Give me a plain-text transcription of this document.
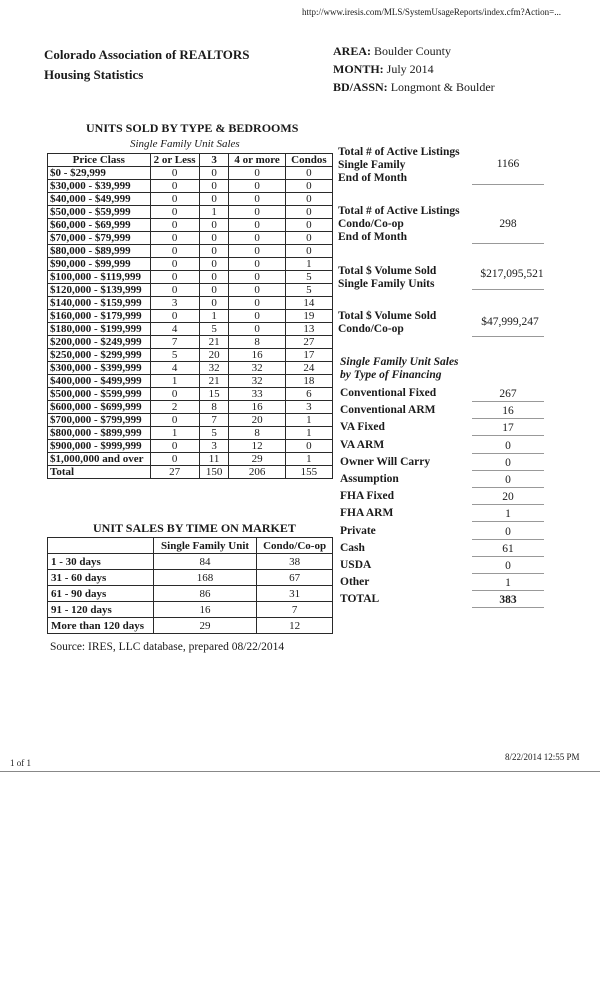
http://www.iresis.com/MLS/SystemUsageReports/index.cfm?Action=...
Colorado Association of REALTORS
Housing Statistics
AREA: Boulder County
MONTH: July 2014
BD/ASSN: Longmont & Boulder
UNITS SOLD BY TYPE & BEDROOMS
Single Family Unit Sales
Price Class	2 or Less	3	4 or more	Condos
$0 - $29,999	0	0	0	0
$30,000 - $39,999	0	0	0	0
$40,000 - $49,999	0	0	0	0
$50,000 - $59,999	0	1	0	0
$60,000 - $69,999	0	0	0	0
$70,000 - $79,999	0	0	0	0
$80,000 - $89,999	0	0	0	0
$90,000 - $99,999	0	0	0	1
$100,000 - $119,999	0	0	0	5
$120,000 - $139,999	0	0	0	5
$140,000 - $159,999	3	0	0	14
$160,000 - $179,999	0	1	0	19
$180,000 - $199,999	4	5	0	13
$200,000 - $249,999	7	21	8	27
$250,000 - $299,999	5	20	16	17
$300,000 - $399,999	4	32	32	24
$400,000 - $499,999	1	21	32	18
$500,000 - $599,999	0	15	33	6
$600,000 - $699,999	2	8	16	3
$700,000 - $799,999	0	7	20	1
$800,000 - $899,999	1	5	8	1
$900,000 - $999,999	0	3	12	0
$1,000,000 and over	0	11	29	1
Total	27	150	206	155
UNIT SALES BY TIME ON MARKET
	Single Family Unit	Condo/Co-op
1 - 30 days	84	38
31 - 60 days	168	67
61 - 90 days	86	31
91 - 120 days	16	7
More than 120 days	29	12
Total # of Active Listings
Single Family
End of Month
1166
Total # of Active Listings
Condo/Co-op
End of Month
298
Total $ Volume Sold
Single Family Units
$217,095,521
Total $ Volume Sold
Condo/Co-op
$47,999,247
Single Family Unit Sales
by Type of Financing
Conventional Fixed	267
Conventional ARM	16
VA Fixed	17
VA ARM	0
Owner Will Carry	0
Assumption	0
FHA Fixed	20
FHA ARM	1
Private	0
Cash	61
USDA	0
Other	1
TOTAL	383
Source: IRES, LLC database, prepared 08/22/2014
1 of 1
8/22/2014 12:55 PM
